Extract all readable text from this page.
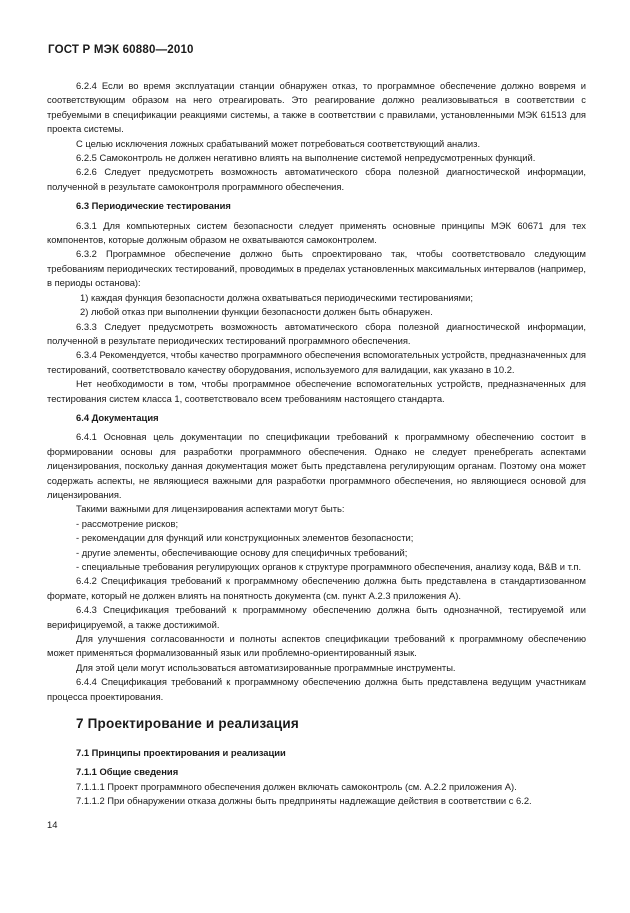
ГОСТ Р МЭК 60880—2010

6.2.4 Если во время эксплуатации станции обнаружен отказ, то программное обеспечение должно вовремя и соответствующим образом на него отреагировать. Это реагирование должно реализовываться в соответствии с требуемыми в спецификации реакциями системы, а также в соответствии с правилами, установленными МЭК 61513 для проекта системы.

С целью исключения ложных срабатываний может потребоваться соответствующий анализ.

6.2.5 Самоконтроль не должен негативно влиять на выполнение системой непредусмотренных функций.

6.2.6 Следует предусмотреть возможность автоматического сбора полезной диагностической информации, полученной в результате самоконтроля программного обеспечения.

6.3 Периодические тестирования

6.3.1 Для компьютерных систем безопасности следует применять основные принципы МЭК 60671 для тех компонентов, которые должным образом не охватываются самоконтролем.

6.3.2 Программное обеспечение должно быть спроектировано так, чтобы соответствовало следующим требованиям периодических тестирований, проводимых в пределах установленных максимальных интервалов (например, в периоды останова):

1) каждая функция безопасности должна охватываться периодическими тестированиями;

2) любой отказ при выполнении функции безопасности должен быть обнаружен.

6.3.3 Следует предусмотреть возможность автоматического сбора полезной диагностической информации, полученной в результате периодических тестирований программного обеспечения.

6.3.4 Рекомендуется, чтобы качество программного обеспечения вспомогательных устройств, предназначенных для тестирований, соответствовало качеству оборудования, используемого для валидации, как указано в 10.2.

Нет необходимости в том, чтобы программное обеспечение вспомогательных устройств, предназначенных для тестирования систем класса 1, соответствовало всем требованиям настоящего стандарта.

6.4 Документация

6.4.1 Основная цель документации по спецификации требований к программному обеспечению состоит в формировании основы для разработки программного обеспечения. Однако не следует пренебрегать аспектами лицензирования, поскольку данная документация может быть представлена регулирующим органам. Поэтому она может содержать аспекты, не являющиеся важными для разработки программного обеспечения, но являющиеся основой для лицензирования.

Такими важными для лицензирования аспектами могут быть:

- рассмотрение рисков;

- рекомендации для функций или конструкционных элементов безопасности;

- другие элементы, обеспечивающие основу для специфичных требований;

- специальные требования регулирующих органов к структуре программного обеспечения, анализу кода, B&B и т.п.

6.4.2 Спецификация требований к программному обеспечению должна быть представлена в стандартизованном формате, который не должен влиять на понятность документа (см. пункт А.2.3 приложения А).

6.4.3 Спецификация требований к программному обеспечению должна быть однозначной, тестируемой или верифицируемой, а также достижимой.

Для улучшения согласованности и полноты аспектов спецификации требований к программному обеспечению может применяться формализованный язык или проблемно-ориентированный язык.

Для этой цели могут использоваться автоматизированные программные инструменты.

6.4.4 Спецификация требований к программному обеспечению должна быть представлена ведущим участникам процесса проектирования.

7 Проектирование и реализация

7.1 Принципы проектирования и реализации

7.1.1 Общие сведения

7.1.1.1 Проект программного обеспечения должен включать самоконтроль (см. А.2.2 приложения А).

7.1.1.2 При обнаружении отказа должны быть предприняты надлежащие действия в соответствии с 6.2.

14
